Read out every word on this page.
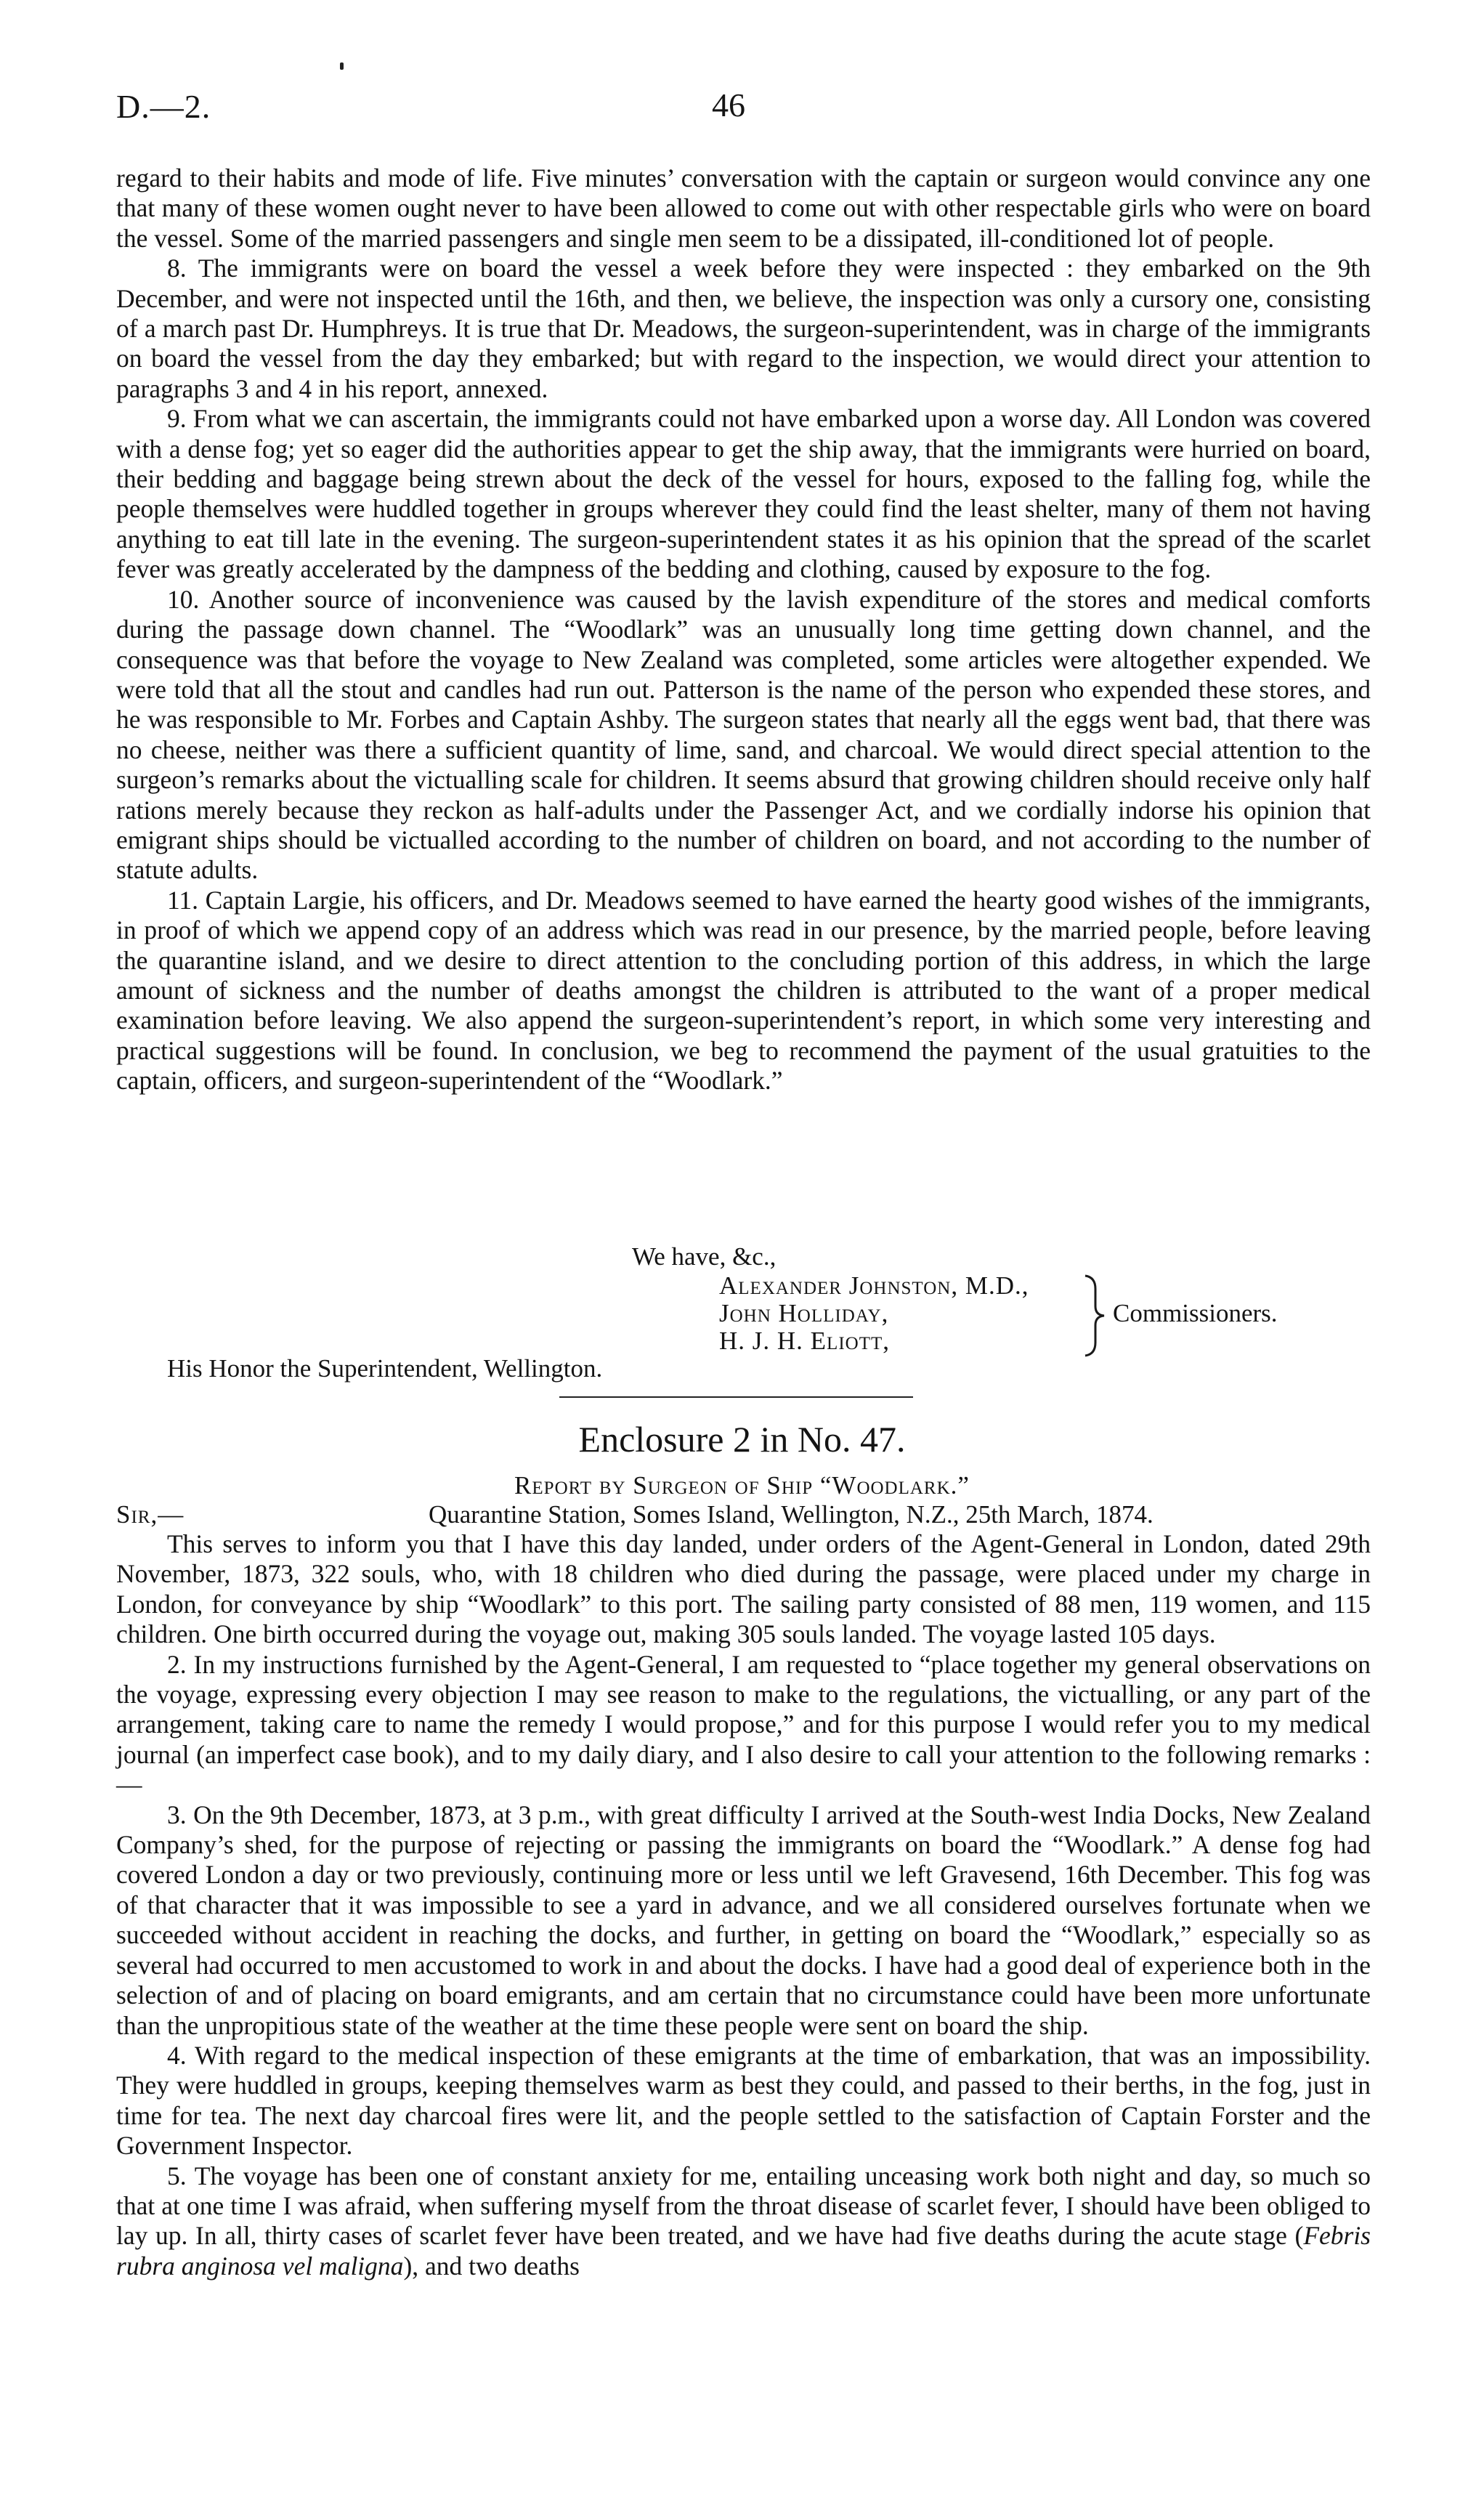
D.—2.	46

regard to their habits and mode of life. Five minutes’ conversation with the captain or surgeon would convince any one that many of these women ought never to have been allowed to come out with other respectable girls who were on board the vessel. Some of the married passengers and single men seem to be a dissipated, ill-conditioned lot of people.

8. The immigrants were on board the vessel a week before they were inspected : they embarked on the 9th December, and were not inspected until the 16th, and then, we believe, the inspection was only a cursory one, consisting of a march past Dr. Humphreys. It is true that Dr. Meadows, the surgeon-superintendent, was in charge of the immigrants on board the vessel from the day they embarked; but with regard to the inspection, we would direct your attention to paragraphs 3 and 4 in his report, annexed.

9. From what we can ascertain, the immigrants could not have embarked upon a worse day. All London was covered with a dense fog; yet so eager did the authorities appear to get the ship away, that the immigrants were hurried on board, their bedding and baggage being strewn about the deck of the vessel for hours, exposed to the falling fog, while the people themselves were huddled together in groups wherever they could find the least shelter, many of them not having anything to eat till late in the evening. The surgeon-superintendent states it as his opinion that the spread of the scarlet fever was greatly accelerated by the dampness of the bedding and clothing, caused by exposure to the fog.

10. Another source of inconvenience was caused by the lavish expenditure of the stores and medical comforts during the passage down channel. The “Woodlark” was an unusually long time getting down channel, and the consequence was that before the voyage to New Zealand was completed, some articles were altogether expended. We were told that all the stout and candles had run out. Patterson is the name of the person who expended these stores, and he was responsible to Mr. Forbes and Captain Ashby. The surgeon states that nearly all the eggs went bad, that there was no cheese, neither was there a sufficient quantity of lime, sand, and charcoal. We would direct special attention to the surgeon’s remarks about the victualling scale for children. It seems absurd that growing children should receive only half rations merely because they reckon as half-adults under the Passenger Act, and we cordially indorse his opinion that emigrant ships should be victualled according to the number of children on board, and not according to the number of statute adults.

11. Captain Largie, his officers, and Dr. Meadows seemed to have earned the hearty good wishes of the immigrants, in proof of which we append copy of an address which was read in our presence, by the married people, before leaving the quarantine island, and we desire to direct attention to the concluding portion of this address, in which the large amount of sickness and the number of deaths amongst the children is attributed to the want of a proper medical examination before leaving. We also append the surgeon-superintendent’s report, in which some very interesting and practical suggestions will be found. In conclusion, we beg to recommend the payment of the usual gratuities to the captain, officers, and surgeon-superintendent of the “Woodlark.”

We have, &c.,
Alexander Johnston, M.D.,
John Holliday,
H. J. H. Eliott,
Commissioners.
His Honor the Superintendent, Wellington.
Enclosure 2 in No. 47.
Report by Surgeon of Ship “Woodlark.”
Sir,—	Quarantine Station, Somes Island, Wellington, N.Z., 25th March, 1874.

This serves to inform you that I have this day landed, under orders of the Agent-General in London, dated 29th November, 1873, 322 souls, who, with 18 children who died during the passage, were placed under my charge in London, for conveyance by ship “Woodlark” to this port. The sailing party consisted of 88 men, 119 women, and 115 children. One birth occurred during the voyage out, making 305 souls landed. The voyage lasted 105 days.

2. In my instructions furnished by the Agent-General, I am requested to “place together my general observations on the voyage, expressing every objection I may see reason to make to the regulations, the victualling, or any part of the arrangement, taking care to name the remedy I would propose,” and for this purpose I would refer you to my medical journal (an imperfect case book), and to my daily diary, and I also desire to call your attention to the following remarks :—

3. On the 9th December, 1873, at 3 p.m., with great difficulty I arrived at the South-west India Docks, New Zealand Company’s shed, for the purpose of rejecting or passing the immigrants on board the “Woodlark.” A dense fog had covered London a day or two previously, continuing more or less until we left Gravesend, 16th December. This fog was of that character that it was impossible to see a yard in advance, and we all considered ourselves fortunate when we succeeded without accident in reaching the docks, and further, in getting on board the “Woodlark,” especially so as several had occurred to men accustomed to work in and about the docks. I have had a good deal of experience both in the selection of and of placing on board emigrants, and am certain that no circumstance could have been more unfortunate than the unpropitious state of the weather at the time these people were sent on board the ship.

4. With regard to the medical inspection of these emigrants at the time of embarkation, that was an impossibility. They were huddled in groups, keeping themselves warm as best they could, and passed to their berths, in the fog, just in time for tea. The next day charcoal fires were lit, and the people settled to the satisfaction of Captain Forster and the Government Inspector.

5. The voyage has been one of constant anxiety for me, entailing unceasing work both night and day, so much so that at one time I was afraid, when suffering myself from the throat disease of scarlet fever, I should have been obliged to lay up. In all, thirty cases of scarlet fever have been treated, and we have had five deaths during the acute stage (Febris rubra anginosa vel maligna), and two deaths
